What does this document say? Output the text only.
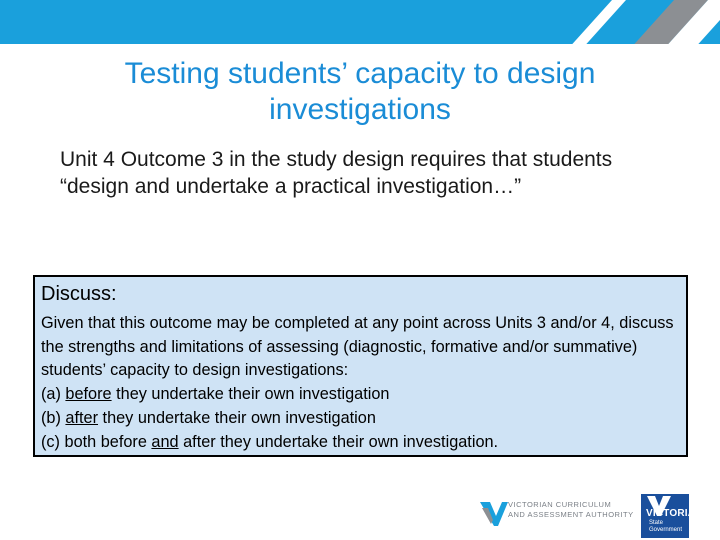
Testing students’ capacity to design investigations
Unit 4 Outcome 3 in the study design requires that students “design and undertake a practical investigation…”
Discuss:
Given that this outcome may be completed at any point across Units 3 and/or 4, discuss the strengths and limitations of assessing (diagnostic, formative and/or summative) students’ capacity to design investigations:
(a) before they undertake their own investigation
(b) after they undertake their own investigation
(c) both before and after they undertake their own investigation.
VICTORIAN CURRICULUM
AND ASSESSMENT AUTHORITY	VICTORIA
State
Government
